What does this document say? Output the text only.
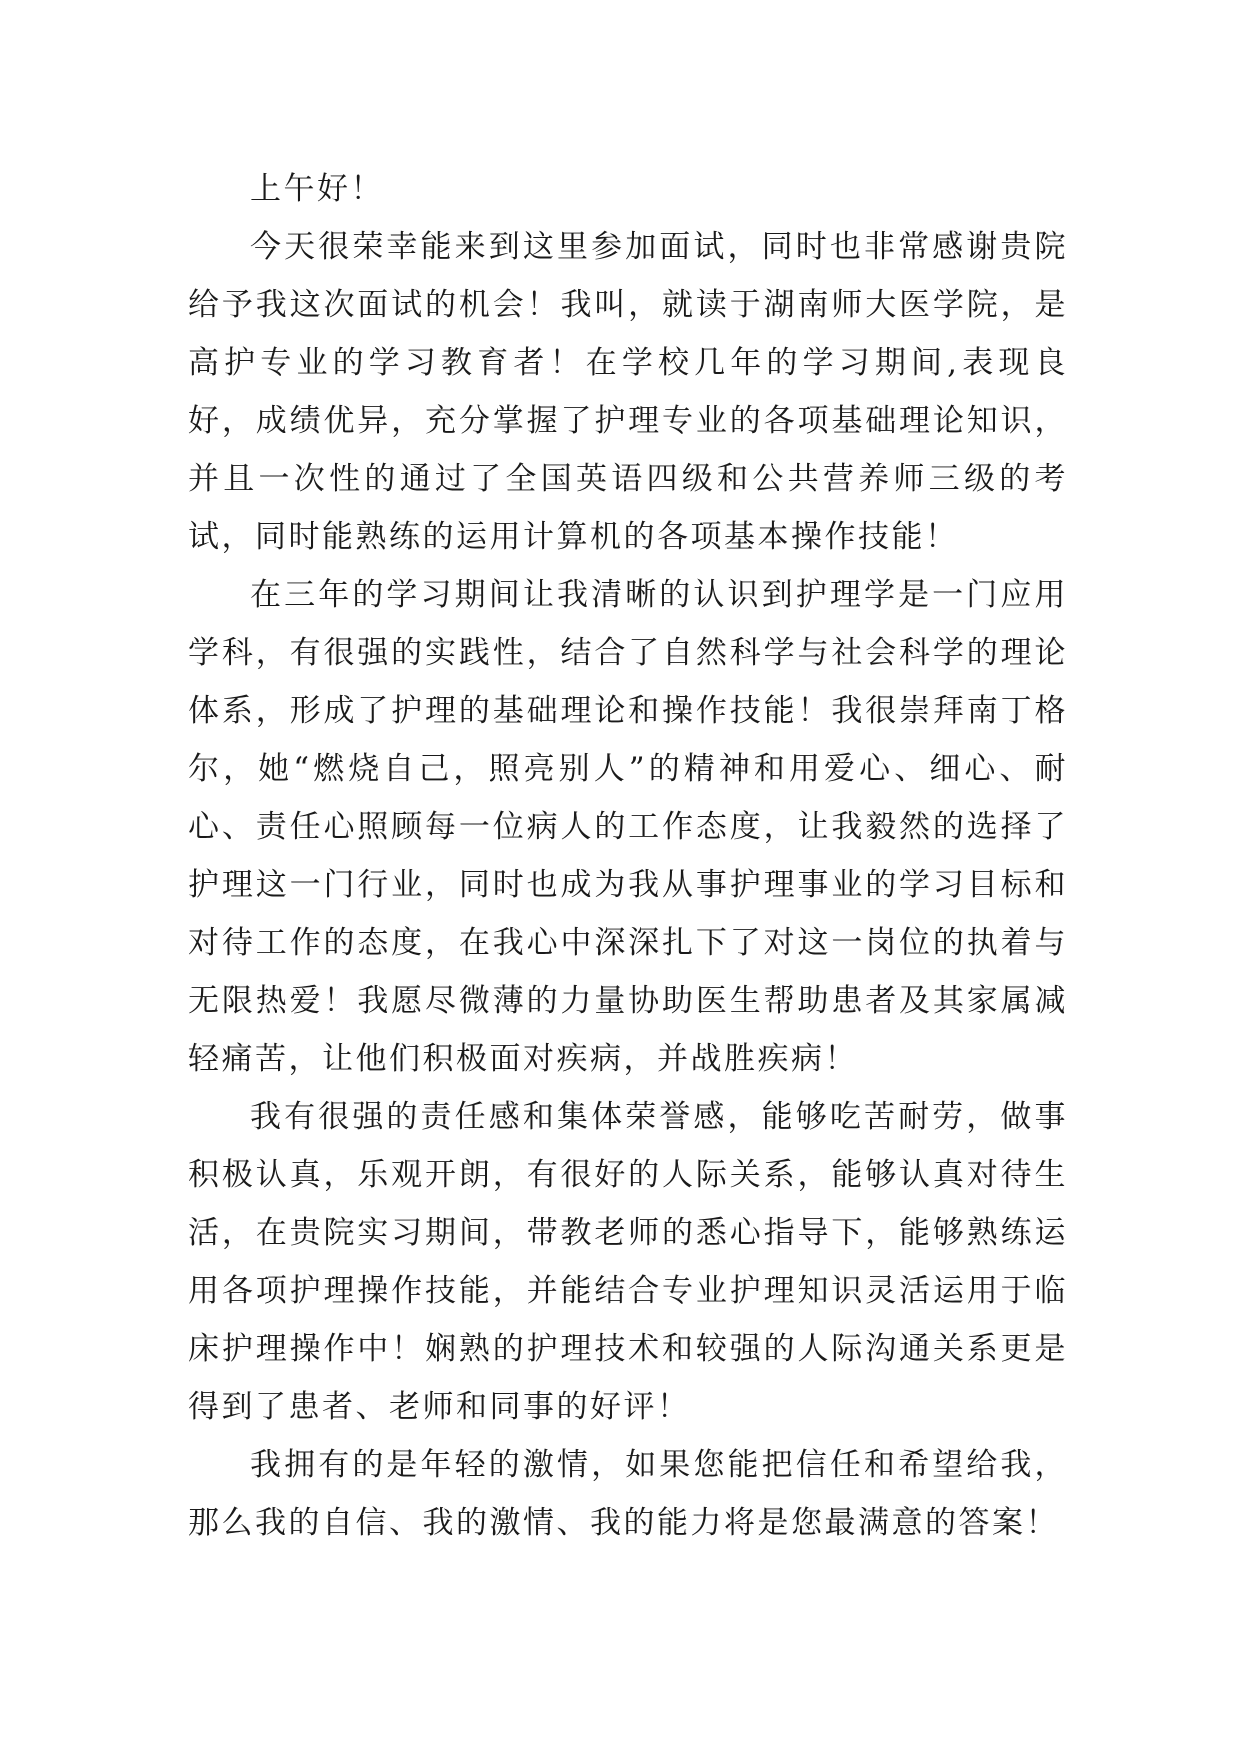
上午好！

今天很荣幸能来到这里参加面试，同时也非常感谢贵院给予我这次面试的机会！我叫，就读于湖南师大医学院，是高护专业的学习教育者！在学校几年的学习期间,表现良好，成绩优异，充分掌握了护理专业的各项基础理论知识，并且一次性的通过了全国英语四级和公共营养师三级的考试，同时能熟练的运用计算机的各项基本操作技能！

在三年的学习期间让我清晰的认识到护理学是一门应用学科，有很强的实践性，结合了自然科学与社会科学的理论体系，形成了护理的基础理论和操作技能！我很崇拜南丁格尔，她“燃烧自己，照亮别人”的精神和用爱心、细心、耐心、责任心照顾每一位病人的工作态度，让我毅然的选择了护理这一门行业，同时也成为我从事护理事业的学习目标和对待工作的态度，在我心中深深扎下了对这一岗位的执着与无限热爱！我愿尽微薄的力量协助医生帮助患者及其家属减轻痛苦，让他们积极面对疾病，并战胜疾病！

我有很强的责任感和集体荣誉感，能够吃苦耐劳，做事积极认真，乐观开朗，有很好的人际关系，能够认真对待生活，在贵院实习期间，带教老师的悉心指导下，能够熟练运用各项护理操作技能，并能结合专业护理知识灵活运用于临床护理操作中！娴熟的护理技术和较强的人际沟通关系更是得到了患者、老师和同事的好评！

我拥有的是年轻的激情，如果您能把信任和希望给我，那么我的自信、我的激情、我的能力将是您最满意的答案！
